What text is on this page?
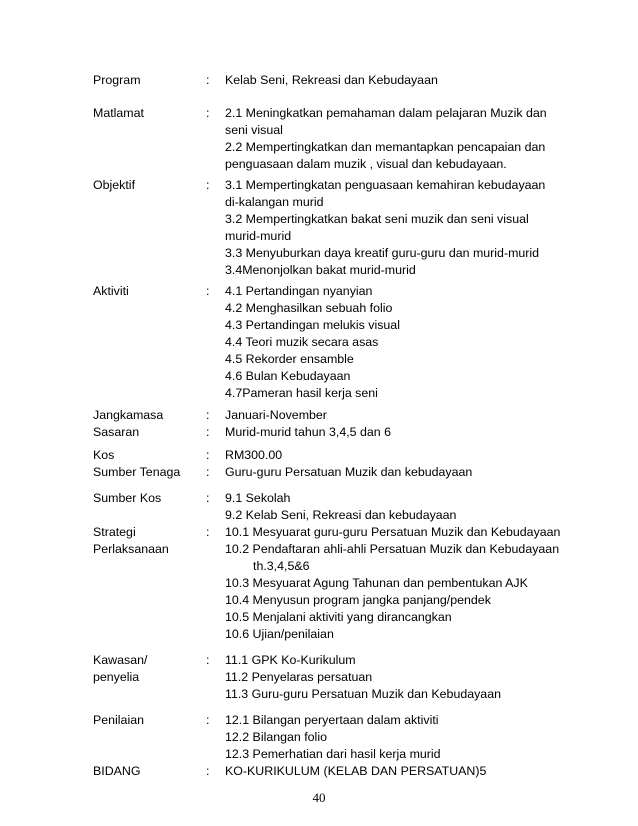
Program	: Kelab Seni, Rekreasi dan Kebudayaan
Matlamat	: 2.1 Meningkatkan pemahaman dalam pelajaran Muzik dan
seni visual
2.2 Mempertingkatkan dan memantapkan pencapaian dan
penguasaan dalam muzik , visual dan kebudayaan.
Objektif	: 3.1 Mempertingkatan penguasaan kemahiran kebudayaan
di-kalangan murid
3.2 Mempertingkatkan bakat seni muzik dan seni visual
murid-murid
3.3 Menyuburkan daya kreatif guru-guru dan murid-murid
3.4Menonjolkan bakat murid-murid
Aktiviti	: 4.1 Pertandingan nyanyian
4.2 Menghasilkan sebuah folio
4.3 Pertandingan melukis visual
4.4 Teori muzik secara asas
4.5 Rekorder ensamble
4.6 Bulan Kebudayaan
4.7Pameran hasil kerja seni
Jangkamasa	: Januari-November
Sasaran	: Murid-murid tahun 3,4,5 dan 6
Kos	: RM300.00
Sumber Tenaga : Guru-guru Persatuan Muzik dan kebudayaan
Sumber Kos	: 9.1 Sekolah
9.2 Kelab Seni, Rekreasi dan kebudayaan
Strategi
Perlaksanaan
: 10.1 Mesyuarat guru-guru Persatuan Muzik dan Kebudayaan
10.2 Pendaftaran ahli-ahli Persatuan Muzik dan Kebudayaan
th.3,4,5&6
10.3 Mesyuarat Agung Tahunan dan pembentukan AJK
10.4 Menyusun program jangka panjang/pendek
10.5 Menjalani aktiviti yang dirancangkan
10.6 Ujian/penilaian
Kawasan/
penyelia
: 11.1 GPK Ko-Kurikulum
11.2 Penyelaras persatuan
11.3 Guru-guru Persatuan Muzik dan Kebudayaan
Penilaian	: 12.1 Bilangan peryertaan dalam aktiviti
12.2 Bilangan folio
12.3 Pemerhatian dari hasil kerja murid
BIDANG	: KO-KURIKULUM (KELAB DAN PERSATUAN)5
40
